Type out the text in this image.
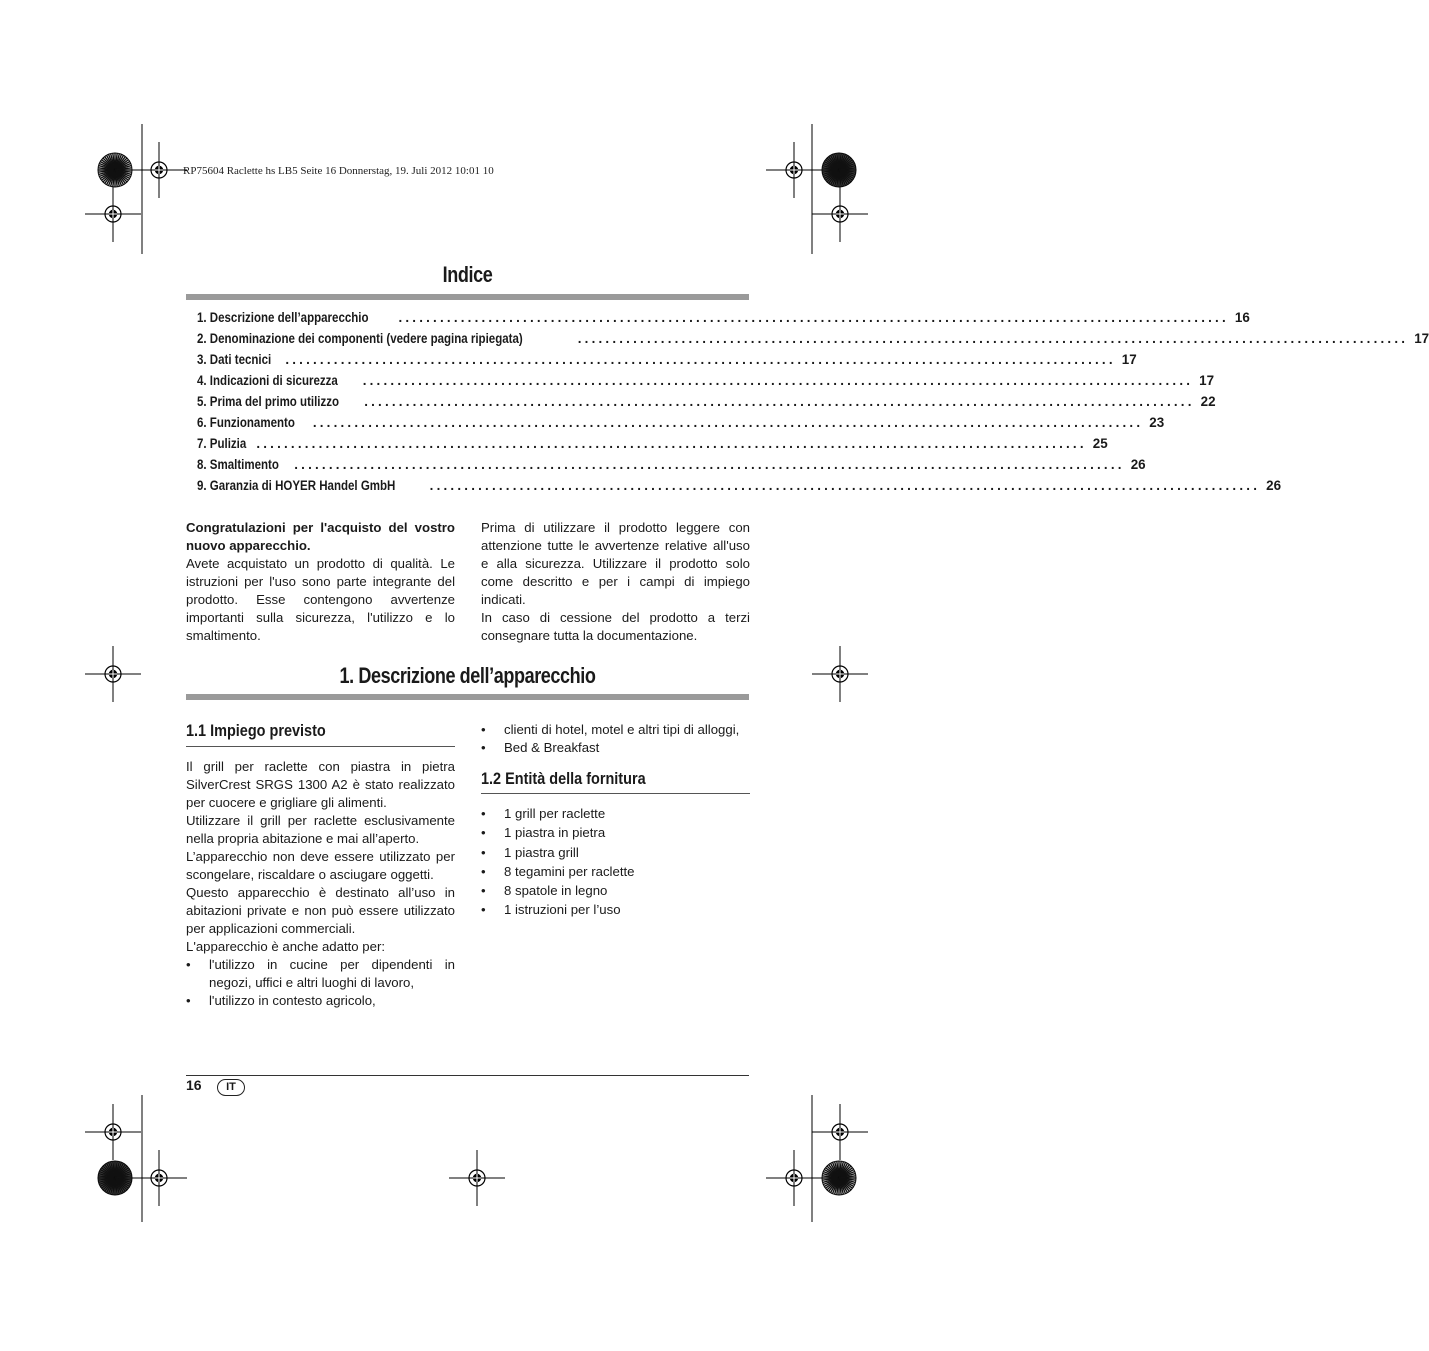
RP75604 Raclette hs LB5 Seite 16 Donnerstag, 19. Juli 2012 10:01 10
Indice
1. Descrizione dell’apparecchio ........................................................................................................................ 16
2. Denominazione dei componenti (vedere pagina ripiegata)	........................................................................................................................ 17
3. Dati tecnici ........................................................................................................................ 17
4. Indicazioni di sicurezza ........................................................................................................................ 17
5. Prima del primo utilizzo ........................................................................................................................ 22
6. Funzionamento ........................................................................................................................ 23
7. Pulizia ........................................................................................................................ 25
8. Smaltimento ........................................................................................................................ 26
9. Garanzia di HOYER Handel GmbH	........................................................................................................................ 26

Congratulazioni per l'acquisto del vostro nuovo apparecchio.

Avete acquistato un prodotto di qualità. Le istruzioni per l'uso sono parte integrante del prodotto. Esse contengono avvertenze importanti sulla sicurezza, l'utilizzo e lo smaltimento.

Prima di utilizzare il prodotto leggere con attenzione tutte le avvertenze relative all'uso e alla sicurezza. Utilizzare il prodotto solo come descritto e per i campi di impiego indicati.

In caso di cessione del prodotto a terzi consegnare tutta la documentazione.

1. Descrizione dell’apparecchio
1.1 Impiego previsto

Il grill per raclette con piastra in pietra SilverCrest SRGS 1300 A2 è stato realizzato per cuocere e grigliare gli alimenti.

Utilizzare il grill per raclette esclusivamente nella propria abitazione e mai all’aperto.

L’apparecchio non deve essere utilizzato per scongelare, riscaldare o asciugare oggetti.

Questo apparecchio è destinato all’uso in abitazioni private e non può essere utilizzato per applicazioni commerciali.

L'apparecchio è anche adatto per:

• l'utilizzo in cucine per dipendenti in negozi, uffici e altri luoghi di lavoro,
• l'utilizzo in contesto agricolo,
• clienti di hotel, motel e altri tipi di alloggi,
• Bed & Breakfast
1.2 Entità della fornitura
• 1 grill per raclette
• 1 piastra in pietra
• 1 piastra grill
• 8 tegamini per raclette
• 8 spatole in legno
• 1 istruzioni per l’uso
16	IT
